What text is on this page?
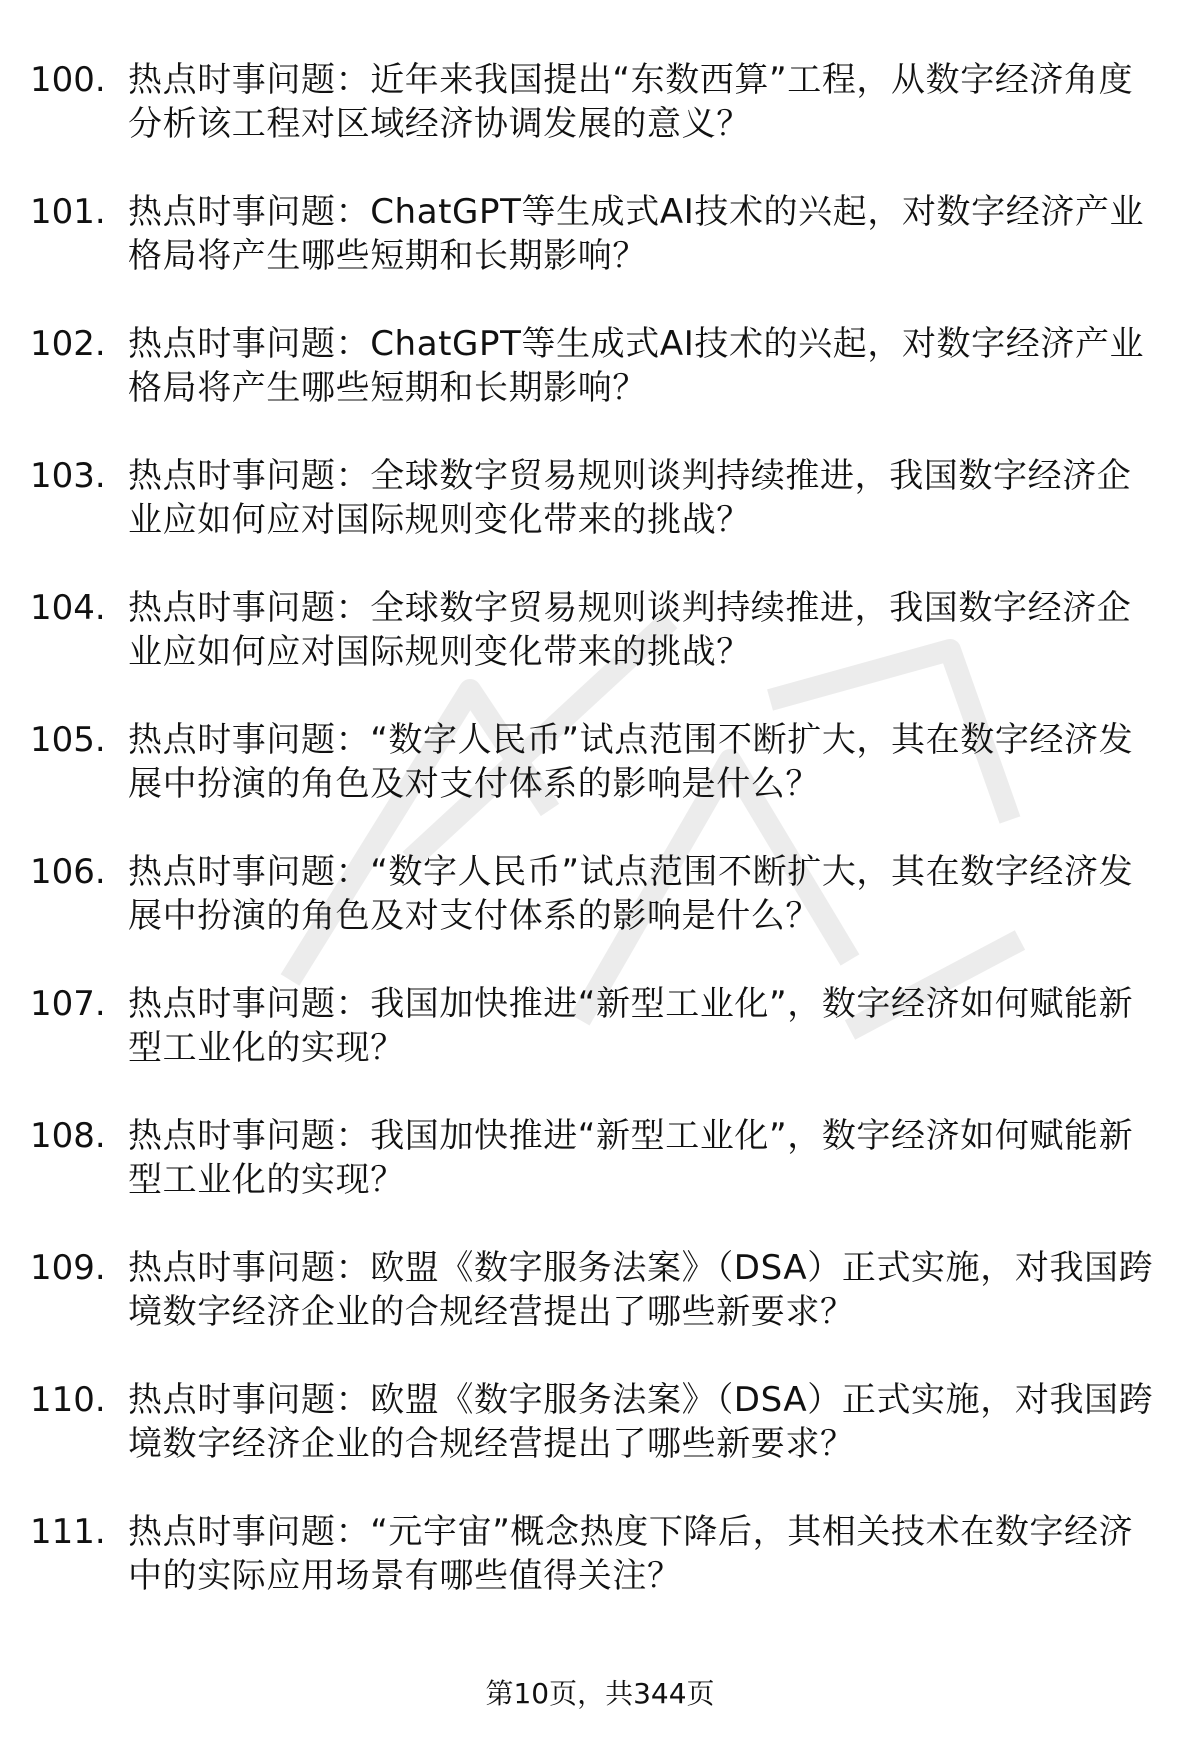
100. 热点时事问题：近年来我国提出“东数西算”工程，从数字经济角度分析该工程对区域经济协调发展的意义？
101. 热点时事问题：ChatGPT等生成式AI技术的兴起，对数字经济产业格局将产生哪些短期和长期影响？
102. 热点时事问题：ChatGPT等生成式AI技术的兴起，对数字经济产业格局将产生哪些短期和长期影响？
103. 热点时事问题：全球数字贸易规则谈判持续推进，我国数字经济企业应如何应对国际规则变化带来的挑战？
104. 热点时事问题：全球数字贸易规则谈判持续推进，我国数字经济企业应如何应对国际规则变化带来的挑战？
105. 热点时事问题：“数字人民币”试点范围不断扩大，其在数字经济发展中扮演的角色及对支付体系的影响是什么？
106. 热点时事问题：“数字人民币”试点范围不断扩大，其在数字经济发展中扮演的角色及对支付体系的影响是什么？
107. 热点时事问题：我国加快推进“新型工业化”，数字经济如何赋能新型工业化的实现？
108. 热点时事问题：我国加快推进“新型工业化”，数字经济如何赋能新型工业化的实现？
109. 热点时事问题：欧盟《数字服务法案》（DSA）正式实施，对我国跨境数字经济企业的合规经营提出了哪些新要求？
110. 热点时事问题：欧盟《数字服务法案》（DSA）正式实施，对我国跨境数字经济企业的合规经营提出了哪些新要求？
111. 热点时事问题：“元宇宙”概念热度下降后，其相关技术在数字经济中的实际应用场景有哪些值得关注？
第10页，共344页
